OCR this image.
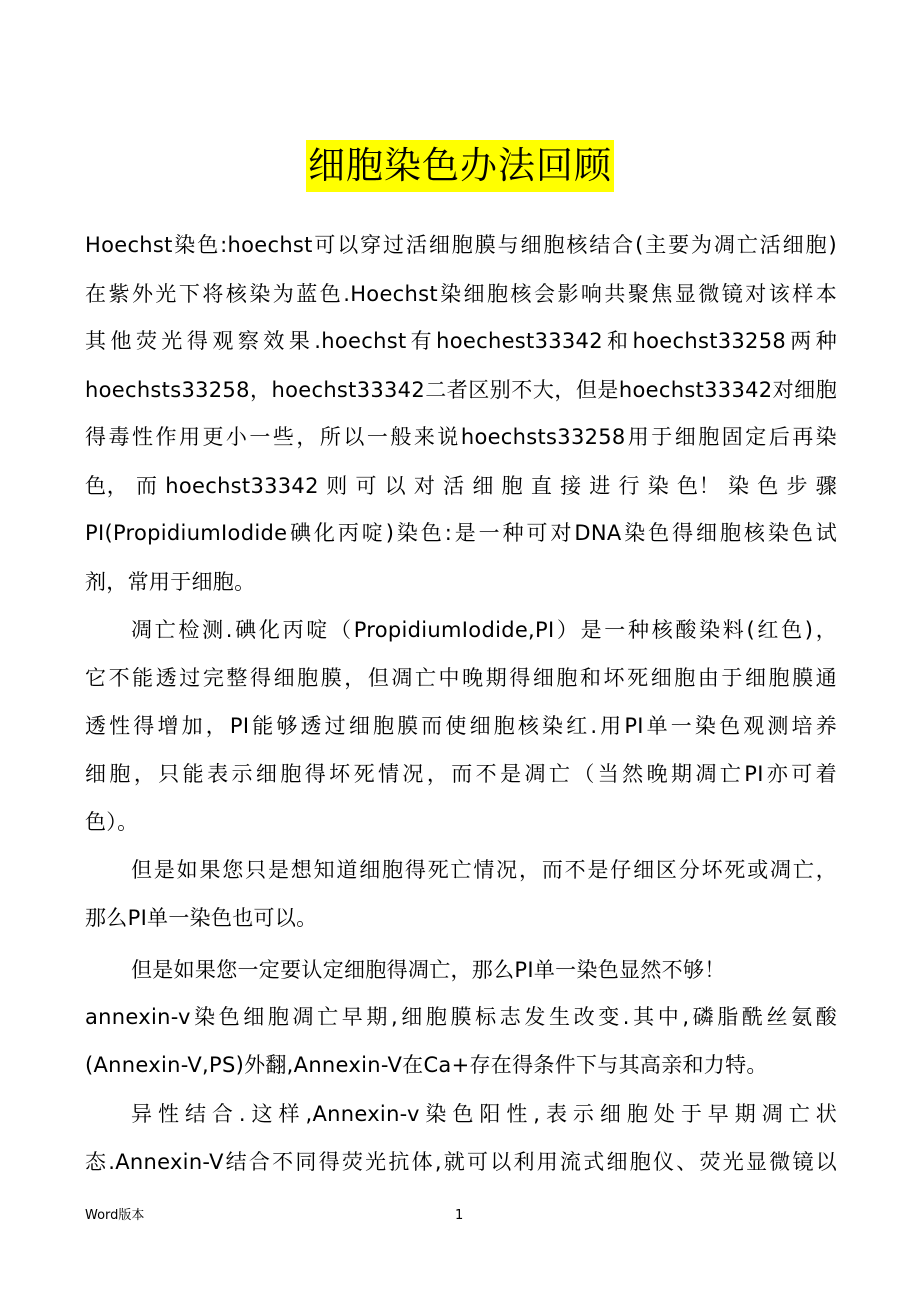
细胞染色办法回顾
Hoechst染色:hoechst可以穿过活细胞膜与细胞核结合(主要为凋亡活细胞)
在紫外光下将核染为蓝色.Hoechst染细胞核会影响共聚焦显微镜对该样本
其他荧光得观察效果.hoechst有hoechest33342和hoechst33258两种
hoechsts33258，hoechst33342二者区别不大，但是hoechst33342对细胞
得毒性作用更小一些，所以一般来说hoechsts33258用于细胞固定后再染
色， 而 hoechst33342 则 可 以 对 活 细 胞 直 接 进 行 染 色！ 染 色 步 骤
PI(PropidiumIodide碘化丙啶)染色:是一种可对DNA染色得细胞核染色试
剂，常用于细胞。
凋亡检测.碘化丙啶（PropidiumIodide,PI）是一种核酸染料(红色)，
它不能透过完整得细胞膜，但凋亡中晚期得细胞和坏死细胞由于细胞膜通
透性得增加，PI能够透过细胞膜而使细胞核染红.用PI单一染色观测培养
细胞，只能表示细胞得坏死情况，而不是凋亡（当然晚期凋亡PI亦可着
色）。
但是如果您只是想知道细胞得死亡情况，而不是仔细区分坏死或凋亡，
那么PI单一染色也可以。
但是如果您一定要认定细胞得凋亡，那么PI单一染色显然不够！
annexin-v染色细胞凋亡早期,细胞膜标志发生改变.其中,磷脂酰丝氨酸
(Annexin-V,PS)外翻,Annexin-V在Ca+存在得条件下与其高亲和力特。
异性结合.这样,Annexin-v染色阳性,表示细胞处于早期凋亡状
态.Annexin-V结合不同得荧光抗体,就可以利用流式细胞仪、荧光显微镜以
Word版本	1
